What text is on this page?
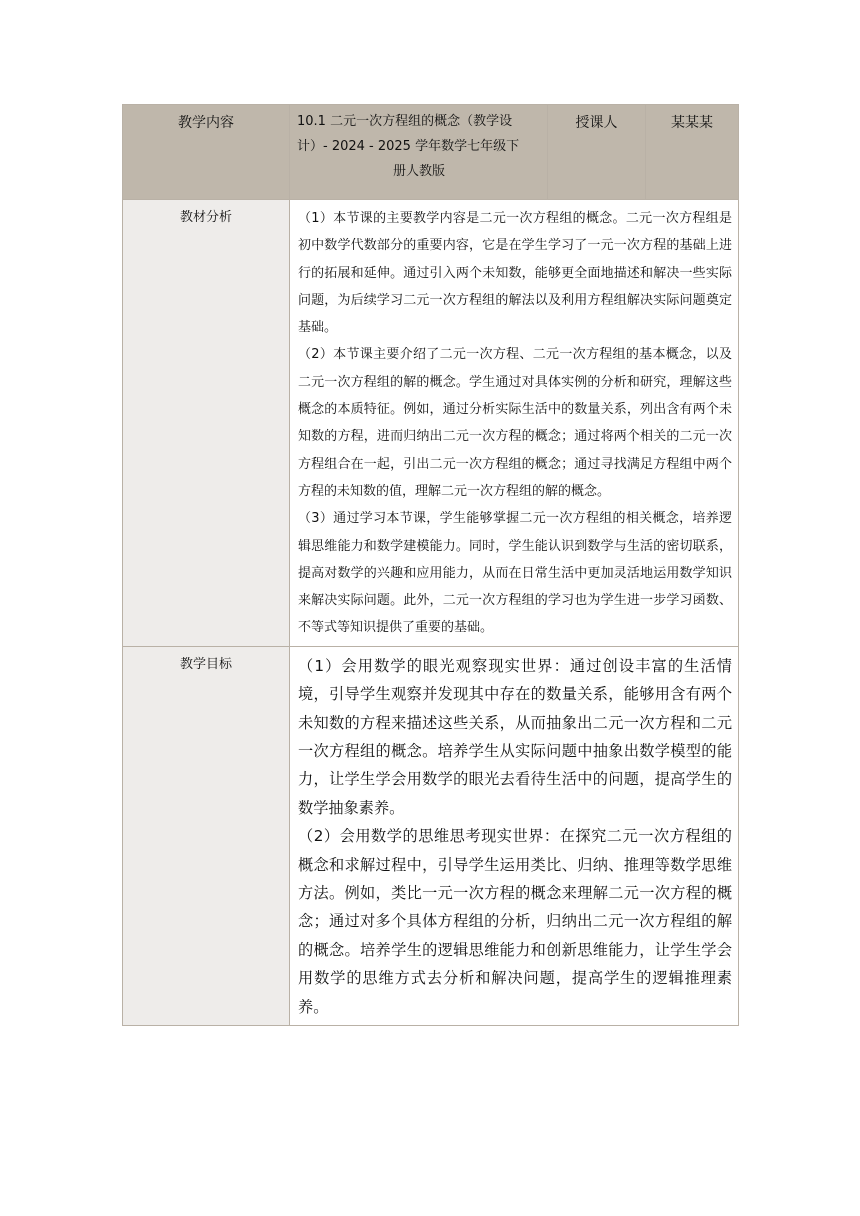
教学内容	10.1 二元一次方程组的概念（教学设
计）- 2024 - 2025 学年数学七年级下
册人教版	授课人	某某某
教材分析	（1）本节课的主要教学内容是二元一次方程组的概念。二元一次方程组是初中数学代数部分的重要内容，它是在学生学习了一元一次方程的基础上进行的拓展和延伸。通过引入两个未知数，能够更全面地描述和解决一些实际问题，为后续学习二元一次方程组的解法以及利用方程组解决实际问题奠定基础。

（2）本节课主要介绍了二元一次方程、二元一次方程组的基本概念，以及二元一次方程组的解的概念。学生通过对具体实例的分析和研究，理解这些概念的本质特征。例如，通过分析实际生活中的数量关系，列出含有两个未知数的方程，进而归纳出二元一次方程的概念；通过将两个相关的二元一次方程组合在一起，引出二元一次方程组的概念；通过寻找满足方程组中两个方程的未知数的值，理解二元一次方程组的解的概念。

（3）通过学习本节课，学生能够掌握二元一次方程组的相关概念，培养逻辑思维能力和数学建模能力。同时，学生能认识到数学与生活的密切联系，提高对数学的兴趣和应用能力，从而在日常生活中更加灵活地运用数学知识来解决实际问题。此外，二元一次方程组的学习也为学生进一步学习函数、不等式等知识提供了重要的基础。		

教学目标	（1）会用数学的眼光观察现实世界：通过创设丰富的生活情境，引导学生观察并发现其中存在的数量关系，能够用含有两个未知数的方程来描述这些关系，从而抽象出二元一次方程和二元一次方程组的概念。培养学生从实际问题中抽象出数学模型的能力，让学生学会用数学的眼光去看待生活中的问题，提高学生的数学抽象素养。

（2）会用数学的思维思考现实世界：在探究二元一次方程组的概念和求解过程中，引导学生运用类比、归纳、推理等数学思维方法。例如，类比一元一次方程的概念来理解二元一次方程的概念；通过对多个具体方程组的分析，归纳出二元一次方程组的解的概念。培养学生的逻辑思维能力和创新思维能力，让学生学会用数学的思维方式去分析和解决问题，提高学生的逻辑推理素养。		
